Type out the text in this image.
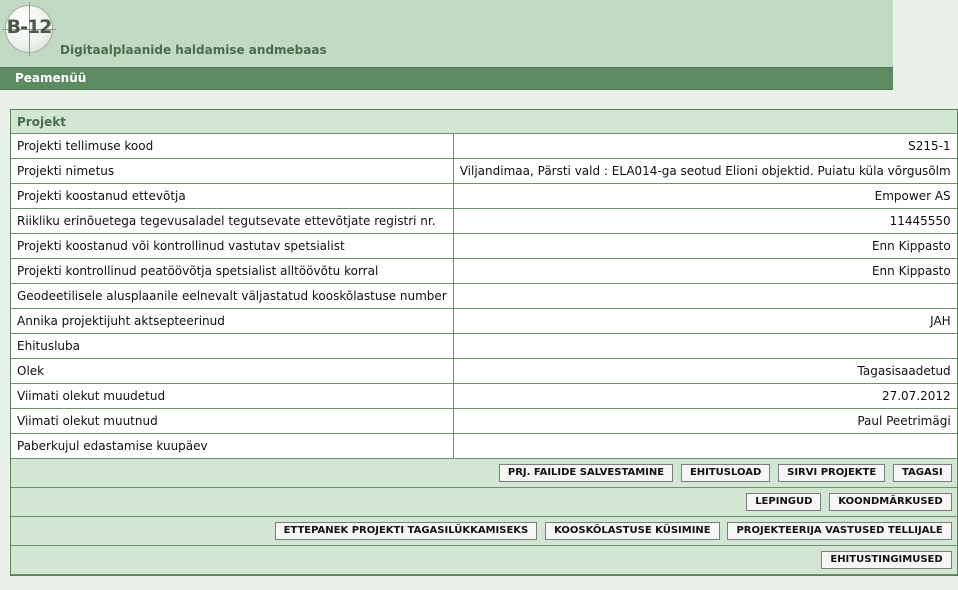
B-12
Digitaalplaanide haldamise andmebaas
Peamenüü
Projekt	
Projekti tellimuse kood	S215-1
Projekti nimetus	Viljandimaa, Pärsti vald : ELA014-ga seotud Elioni objektid. Puiatu küla võrgusõlm
Projekti koostanud ettevõtja	Empower AS
Riikliku erinõuetega tegevusaladel tegutsevate ettevõtjate registri nr.	11445550
Projekti koostanud või kontrollinud vastutav spetsialist	Enn Kippasto
Projekti kontrollinud peatöövõtja spetsialist alltöövõtu korral	Enn Kippasto
Geodeetilisele alusplaanile eelnevalt väljastatud kooskõlastuse number	
Annika projektijuht aktsepteerinud	JAH
Ehitusluba	
Olek	Tagasisaadetud
Viimati olekut muudetud	27.07.2012
Viimati olekut muutnud	Paul Peetrimägi
Paberkujul edastamise kuupäev	
PRJ. FAILIDE SALVESTAMINE EHITUSLOAD SIRVI PROJEKTE TAGASI	
LEPINGUD KOONDMÄRKUSED	
ETTEPANEK PROJEKTI TAGASILÜKKAMISEKS KOOSKÕLASTUSE KÜSIMINE PROJEKTEERIJA VASTUSED TELLIJALE	
EHITUSTINGIMUSED	
